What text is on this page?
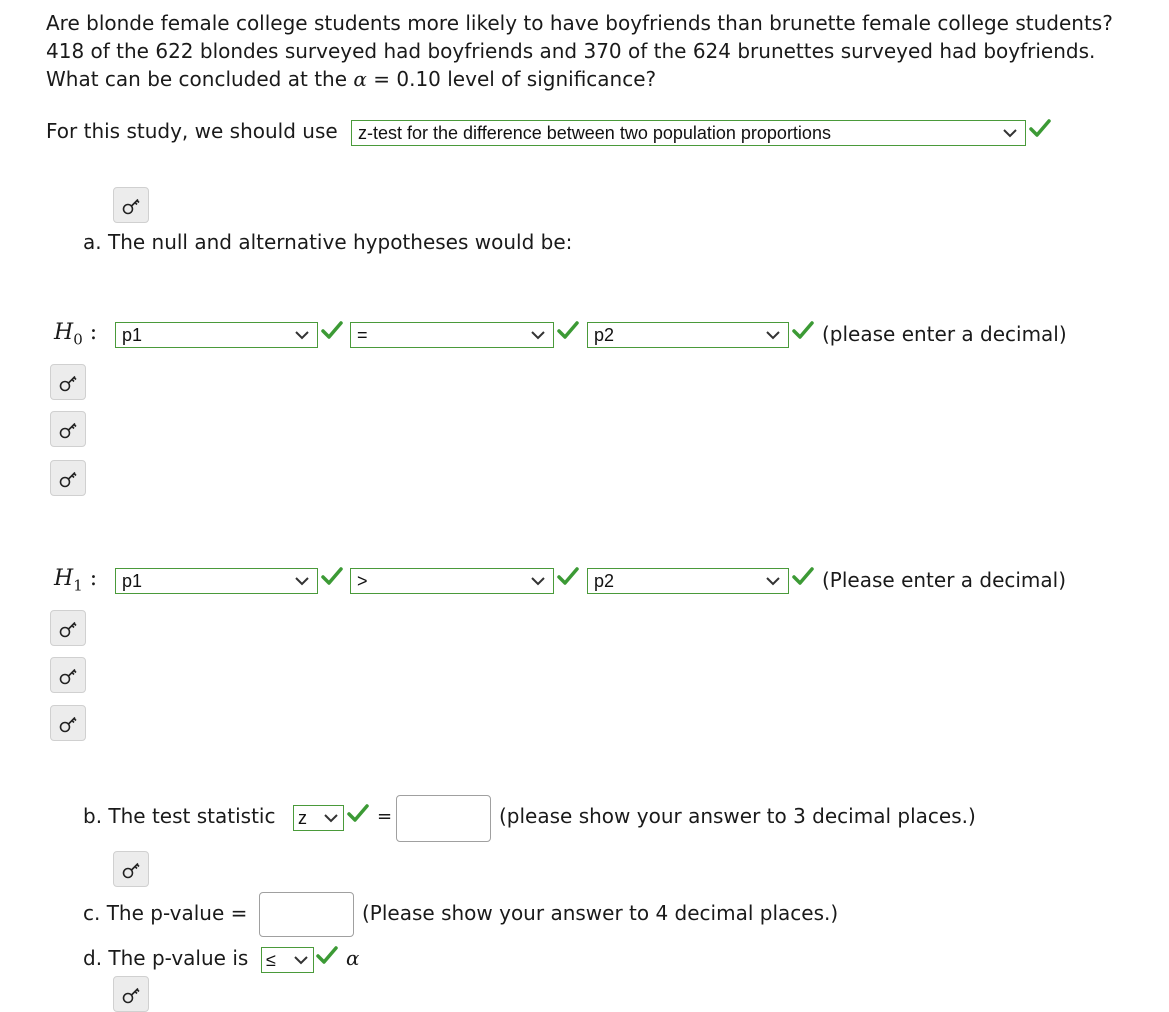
Are blonde female college students more likely to have boyfriends than brunette female college students?
418 of the 622 blondes surveyed had boyfriends and 370 of the 624 brunettes surveyed had boyfriends.
What can be concluded at the α = 0.10 level of significance?
For this study, we should use z-test for the difference between two population proportions
a. The null and alternative hypotheses would be:
$H_0$ : p1	=	p2	(please enter a decimal)
$H_1$ : p1	>	p2	(Please enter a decimal)
b. The test statistic z	=	(please show your answer to 3 decimal places.)
c. The p-value =	(Please show your answer to 4 decimal places.)
d. The p-value is ≤	α
